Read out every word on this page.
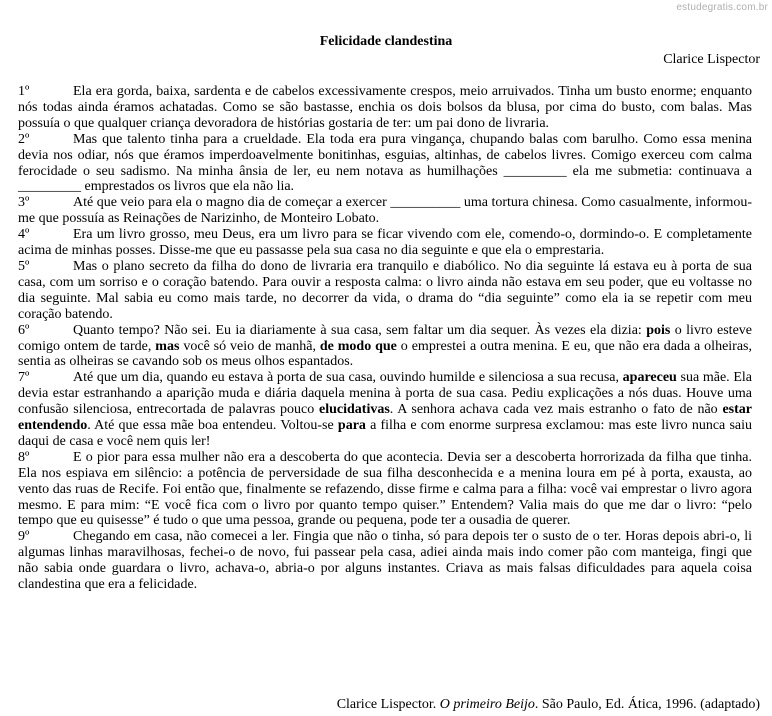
estudegratis.com.br
Felicidade clandestina
Clarice Lispector
1º	Ela era gorda, baixa, sardenta e de cabelos excessivamente crespos, meio arruivados. Tinha um busto enorme; enquanto nós todas ainda éramos achatadas. Como se são bastasse, enchia os dois bolsos da blusa, por cima do busto, com balas. Mas possuía o que qualquer criança devoradora de histórias gostaria de ter: um pai dono de livraria.
2º	Mas que talento tinha para a crueldade. Ela toda era pura vingança, chupando balas com barulho. Como essa menina devia nos odiar, nós que éramos imperdoavelmente bonitinhas, esguias, altinhas, de cabelos livres. Comigo exerceu com calma ferocidade o seu sadismo. Na minha ânsia de ler, eu nem notava as humilhações _________ ela me submetia: continuava a _________ emprestados os livros que ela não lia.
3º	Até que veio para ela o magno dia de começar a exercer __________ uma tortura chinesa. Como casualmente, informou-me que possuía as Reinações de Narizinho, de Monteiro Lobato.
4º	Era um livro grosso, meu Deus, era um livro para se ficar vivendo com ele, comendo-o, dormindo-o. E completamente acima de minhas posses. Disse-me que eu passasse pela sua casa no dia seguinte e que ela o emprestaria.
5º	Mas o plano secreto da filha do dono de livraria era tranquilo e diabólico. No dia seguinte lá estava eu à porta de sua casa, com um sorriso e o coração batendo. Para ouvir a resposta calma: o livro ainda não estava em seu poder, que eu voltasse no dia seguinte. Mal sabia eu como mais tarde, no decorrer da vida, o drama do “dia seguinte” como ela ia se repetir com meu coração batendo.
6º	Quanto tempo? Não sei. Eu ia diariamente à sua casa, sem faltar um dia sequer. Às vezes ela dizia: pois o livro esteve comigo ontem de tarde, mas você só veio de manhã, de modo que o emprestei a outra menina. E eu, que não era dada a olheiras, sentia as olheiras se cavando sob os meus olhos espantados.
7º	Até que um dia, quando eu estava à porta de sua casa, ouvindo humilde e silenciosa a sua recusa, apareceu sua mãe. Ela devia estar estranhando a aparição muda e diária daquela menina à porta de sua casa. Pediu explicações a nós duas. Houve uma confusão silenciosa, entrecortada de palavras pouco elucidativas. A senhora achava cada vez mais estranho o fato de não estar entendendo. Até que essa mãe boa entendeu. Voltou-se para a filha e com enorme surpresa exclamou: mas este livro nunca saiu daqui de casa e você nem quis ler!
8º	E o pior para essa mulher não era a descoberta do que acontecia. Devia ser a descoberta horrorizada da filha que tinha. Ela nos espiava em silêncio: a potência de perversidade de sua filha desconhecida e a menina loura em pé à porta, exausta, ao vento das ruas de Recife. Foi então que, finalmente se refazendo, disse firme e calma para a filha: você vai emprestar o livro agora mesmo. E para mim: “E você fica com o livro por quanto tempo quiser.” Entendem? Valia mais do que me dar o livro: “pelo tempo que eu quisesse” é tudo o que uma pessoa, grande ou pequena, pode ter a ousadia de querer.
9º	Chegando em casa, não comecei a ler. Fingia que não o tinha, só para depois ter o susto de o ter. Horas depois abri-o, li algumas linhas maravilhosas, fechei-o de novo, fui passear pela casa, adiei ainda mais indo comer pão com manteiga, fingi que não sabia onde guardara o livro, achava-o, abria-o por alguns instantes. Criava as mais falsas dificuldades para aquela coisa clandestina que era a felicidade.
Clarice Lispector. O primeiro Beijo. São Paulo, Ed. Ática, 1996. (adaptado)
